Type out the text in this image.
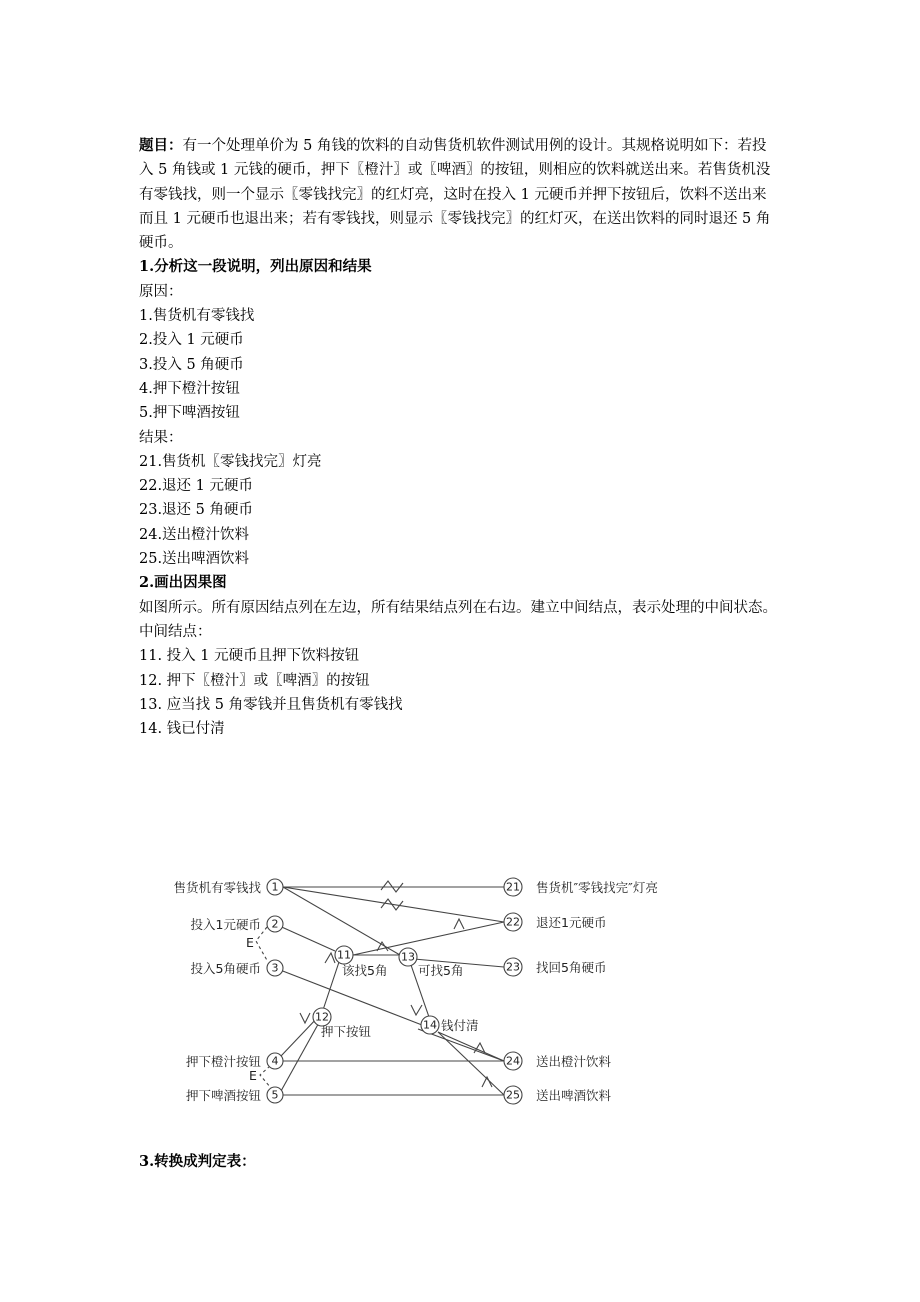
题目：有一个处理单价为 5 角钱的饮料的自动售货机软件测试用例的设计。其规格说明如下：若投入 5 角钱或 1 元钱的硬币，押下〖橙汁〗或〖啤酒〗的按钮，则相应的饮料就送出来。若售货机没有零钱找，则一个显示〖零钱找完〗的红灯亮，这时在投入 1 元硬币并押下按钮后，饮料不送出来而且 1 元硬币也退出来；若有零钱找，则显示〖零钱找完〗的红灯灭，在送出饮料的同时退还 5 角硬币。

1.分析这一段说明，列出原因和结果

原因：

1.售货机有零钱找

2.投入 1 元硬币

3.投入 5 角硬币

4.押下橙汁按钮

5.押下啤酒按钮

结果：

21.售货机〖零钱找完〗灯亮

22.退还 1 元硬币

23.退还 5 角硬币

24.送出橙汁饮料

25.送出啤酒饮料

2.画出因果图

如图所示。所有原因结点列在左边，所有结果结点列在右边。建立中间结点，表示处理的中间状态。中间结点：

11. 投入 1 元硬币且押下饮料按钮

12. 押下〖橙汁〗或〖啤酒〗的按钮

13. 应当找 5 角零钱并且售货机有零钱找

14. 钱已付清

1
2
3
4
5
11
12
13
14
21
22
23
24
25
售货机有零钱找
投入1元硬币
投入5角硬币
押下橙汁按钮
押下啤酒按钮
售货机″零钱找完″灯亮
退还1元硬币
找回5角硬币
送出橙汁饮料
送出啤酒饮料
该找5角 可找5角
押下按钮	钱付清
E
E
3.转换成判定表：
